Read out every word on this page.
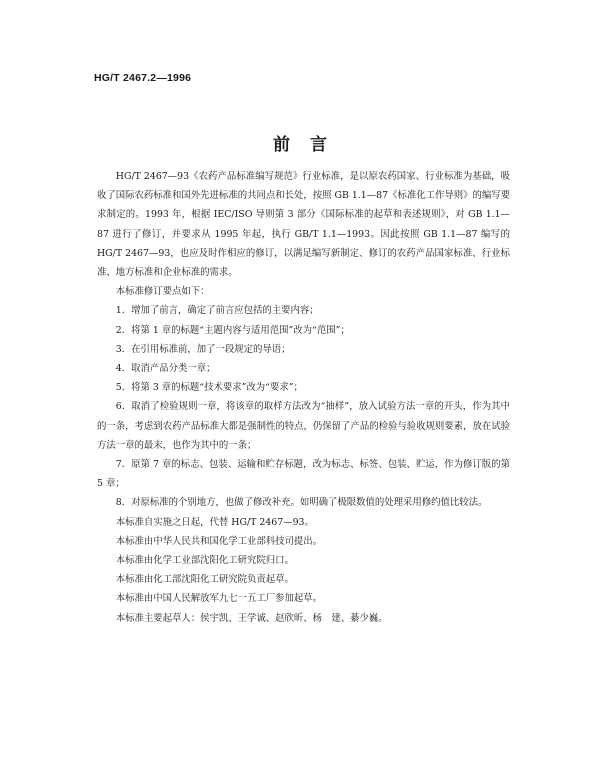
HG/T 2467.2—1996
前言

HG/T 2467—93《农药产品标准编写规范》行业标准，是以原农药国家、行业标准为基础，吸收了国际农药标准和国外先进标准的共同点和长处，按照 GB 1.1—87《标准化工作导则》的编写要求制定的。1993 年，根据 IEC/ISO 导则第 3 部分《国际标准的起草和表述规则》，对 GB 1.1—87 进行了修订，并要求从 1995 年起，执行 GB/T 1.1—1993。因此按照 GB 1.1—87 编写的 HG/T 2467—93，也应及时作相应的修订，以满足编写新制定、修订的农药产品国家标准、行业标准、地方标准和企业标准的需求。

本标准修订要点如下：

1．增加了前言，确定了前言应包括的主要内容；
2．将第 1 章的标题“主题内容与适用范围”改为“范围”；
3．在引用标准前，加了一段规定的导语；
4．取消产品分类一章；
5．将第 3 章的标题“技术要求”改为“要求”；
6．取消了检验规则一章，将该章的取样方法改为“抽样”，放入试验方法一章的开头，作为其中的一条，考虑到农药产品标准大都是强制性的特点，仍保留了产品的检验与验收规则要素，放在试验方法一章的最末，也作为其中的一条；
7．原第 7 章的标志、包装、运输和贮存标题，改为标志、标签、包装、贮运，作为修订版的第 5 章；
8．对原标准的个别地方，也做了修改补充。如明确了极限数值的处理采用修约值比较法。

本标准自实施之日起，代替 HG/T 2467—93。

本标准由中华人民共和国化学工业部科技司提出。

本标准由化学工业部沈阳化工研究院归口。

本标准由化工部沈阳化工研究院负责起草。

本标准由中国人民解放军九七一五工厂参加起草。

本标准主要起草人：侯宇凯、王学诚、赵欣昕、杨　建、綦少巍。
